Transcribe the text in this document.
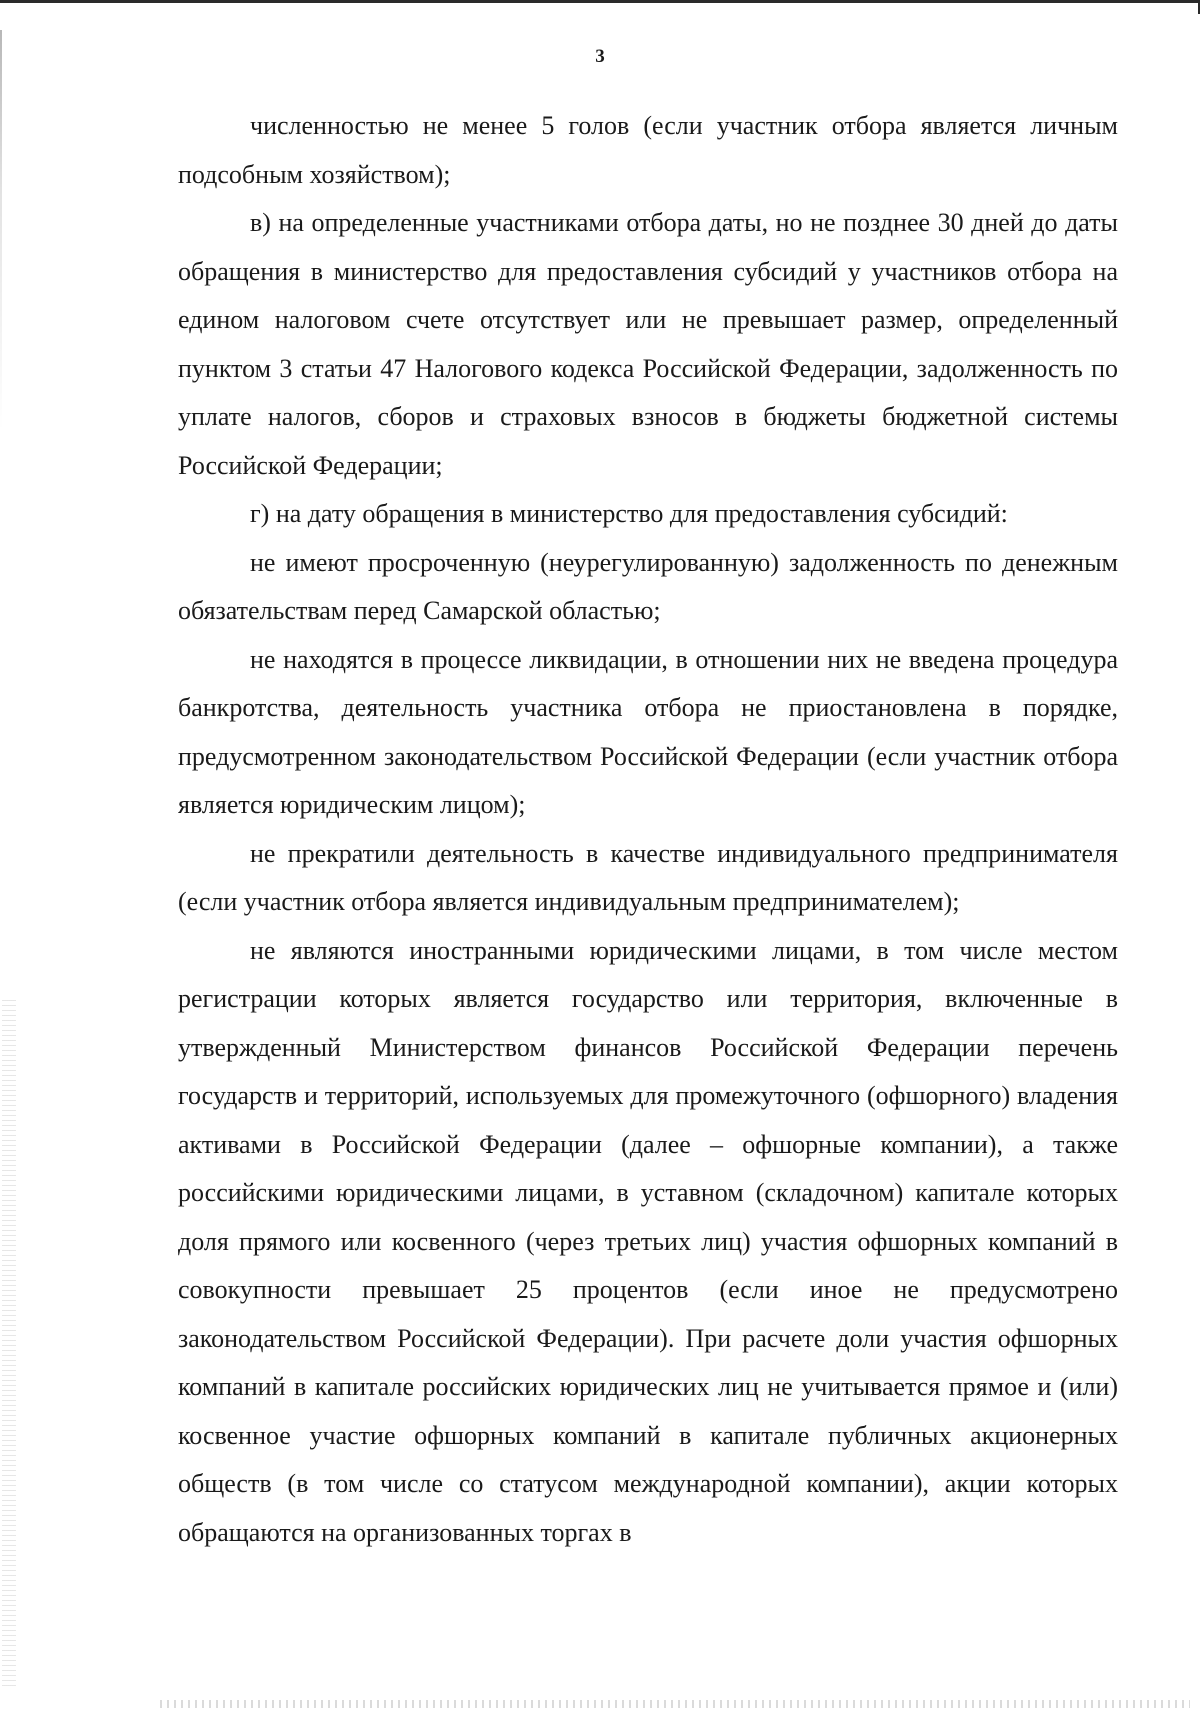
3

численностью не менее 5 голов (если участник отбора является личным подсобным хозяйством);

в) на определенные участниками отбора даты, но не позднее 30 дней до даты обращения в министерство для предоставления субсидий у участников отбора на едином налоговом счете отсутствует или не превышает размер, определенный пунктом 3 статьи 47 Налогового кодекса Российской Федерации, задолженность по уплате налогов, сборов и страховых взносов в бюджеты бюджетной системы Российской Федерации;

г) на дату обращения в министерство для предоставления субсидий:

не имеют просроченную (неурегулированную) задолженность по денежным обязательствам перед Самарской областью;

не находятся в процессе ликвидации, в отношении них не введена процедура банкротства, деятельность участника отбора не приостановлена в порядке, предусмотренном законодательством Российской Федерации (если участник отбора является юридическим лицом);

не прекратили деятельность в качестве индивидуального предпринимателя (если участник отбора является индивидуальным предпринимателем);

не являются иностранными юридическими лицами, в том числе местом регистрации которых является государство или территория, включенные в утвержденный Министерством финансов Российской Федерации перечень государств и территорий, используемых для промежуточного (офшорного) владения активами в Российской Федерации (далее – офшорные компании), а также российскими юридическими лицами, в уставном (складочном) капитале которых доля прямого или косвенного (через третьих лиц) участия офшорных компаний в совокупности превышает 25 процентов (если иное не предусмотрено законодательством Российской Федерации). При расчете доли участия офшорных компаний в капитале российских юридических лиц не учитывается прямое и (или) косвенное участие офшорных компаний в капитале публичных акционерных обществ (в том числе со статусом международной компании), акции которых обращаются на организованных торгах в
